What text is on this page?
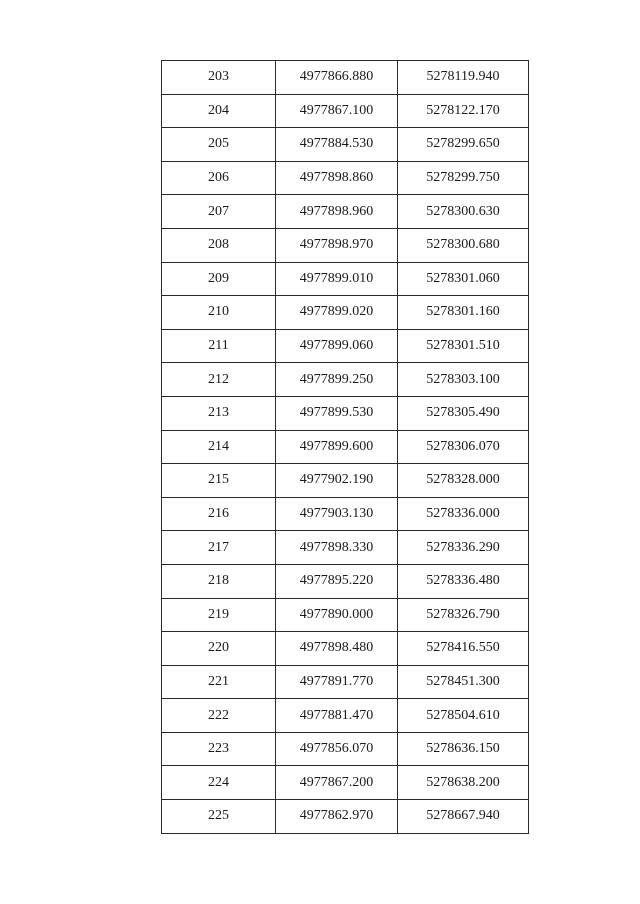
203	4977866.880	5278119.940
204	4977867.100	5278122.170
205	4977884.530	5278299.650
206	4977898.860	5278299.750
207	4977898.960	5278300.630
208	4977898.970	5278300.680
209	4977899.010	5278301.060
210	4977899.020	5278301.160
211	4977899.060	5278301.510
212	4977899.250	5278303.100
213	4977899.530	5278305.490
214	4977899.600	5278306.070
215	4977902.190	5278328.000
216	4977903.130	5278336.000
217	4977898.330	5278336.290
218	4977895.220	5278336.480
219	4977890.000	5278326.790
220	4977898.480	5278416.550
221	4977891.770	5278451.300
222	4977881.470	5278504.610
223	4977856.070	5278636.150
224	4977867.200	5278638.200
225	4977862.970	5278667.940
